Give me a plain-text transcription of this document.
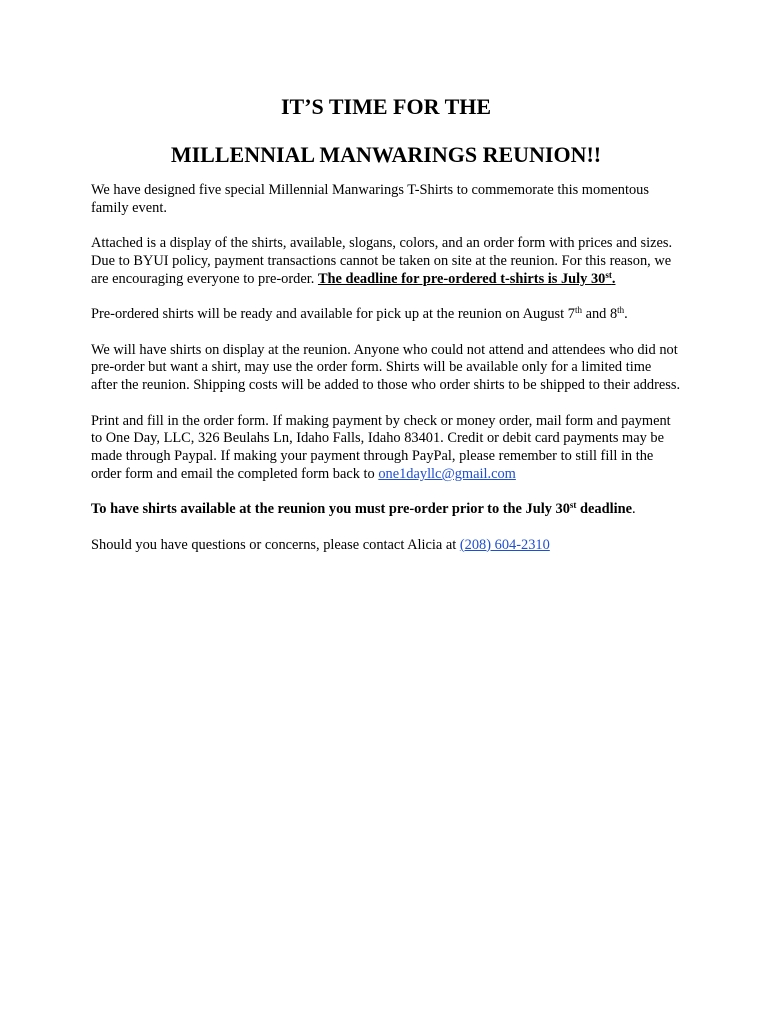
IT’S TIME FOR THE
MILLENNIAL MANWARINGS REUNION!!

We have designed five special Millennial Manwarings T-Shirts to commemorate this momentous family event.

Attached is a display of the shirts, available, slogans, colors, and an order form with prices and sizes. Due to BYUI policy, payment transactions cannot be taken on site at the reunion. For this reason, we are encouraging everyone to pre-order. The deadline for pre-ordered t-shirts is July 30st.

Pre-ordered shirts will be ready and available for pick up at the reunion on August 7th and 8th.

We will have shirts on display at the reunion. Anyone who could not attend and attendees who did not pre-order but want a shirt, may use the order form. Shirts will be available only for a limited time after the reunion. Shipping costs will be added to those who order shirts to be shipped to their address.

Print and fill in the order form. If making payment by check or money order, mail form and payment to One Day, LLC, 326 Beulahs Ln, Idaho Falls, Idaho 83401. Credit or debit card payments may be made through Paypal. If making your payment through PayPal, please remember to still fill in the order form and email the completed form back to one1dayllc@gmail.com

To have shirts available at the reunion you must pre-order prior to the July 30st deadline.

Should you have questions or concerns, please contact Alicia at (208) 604-2310
